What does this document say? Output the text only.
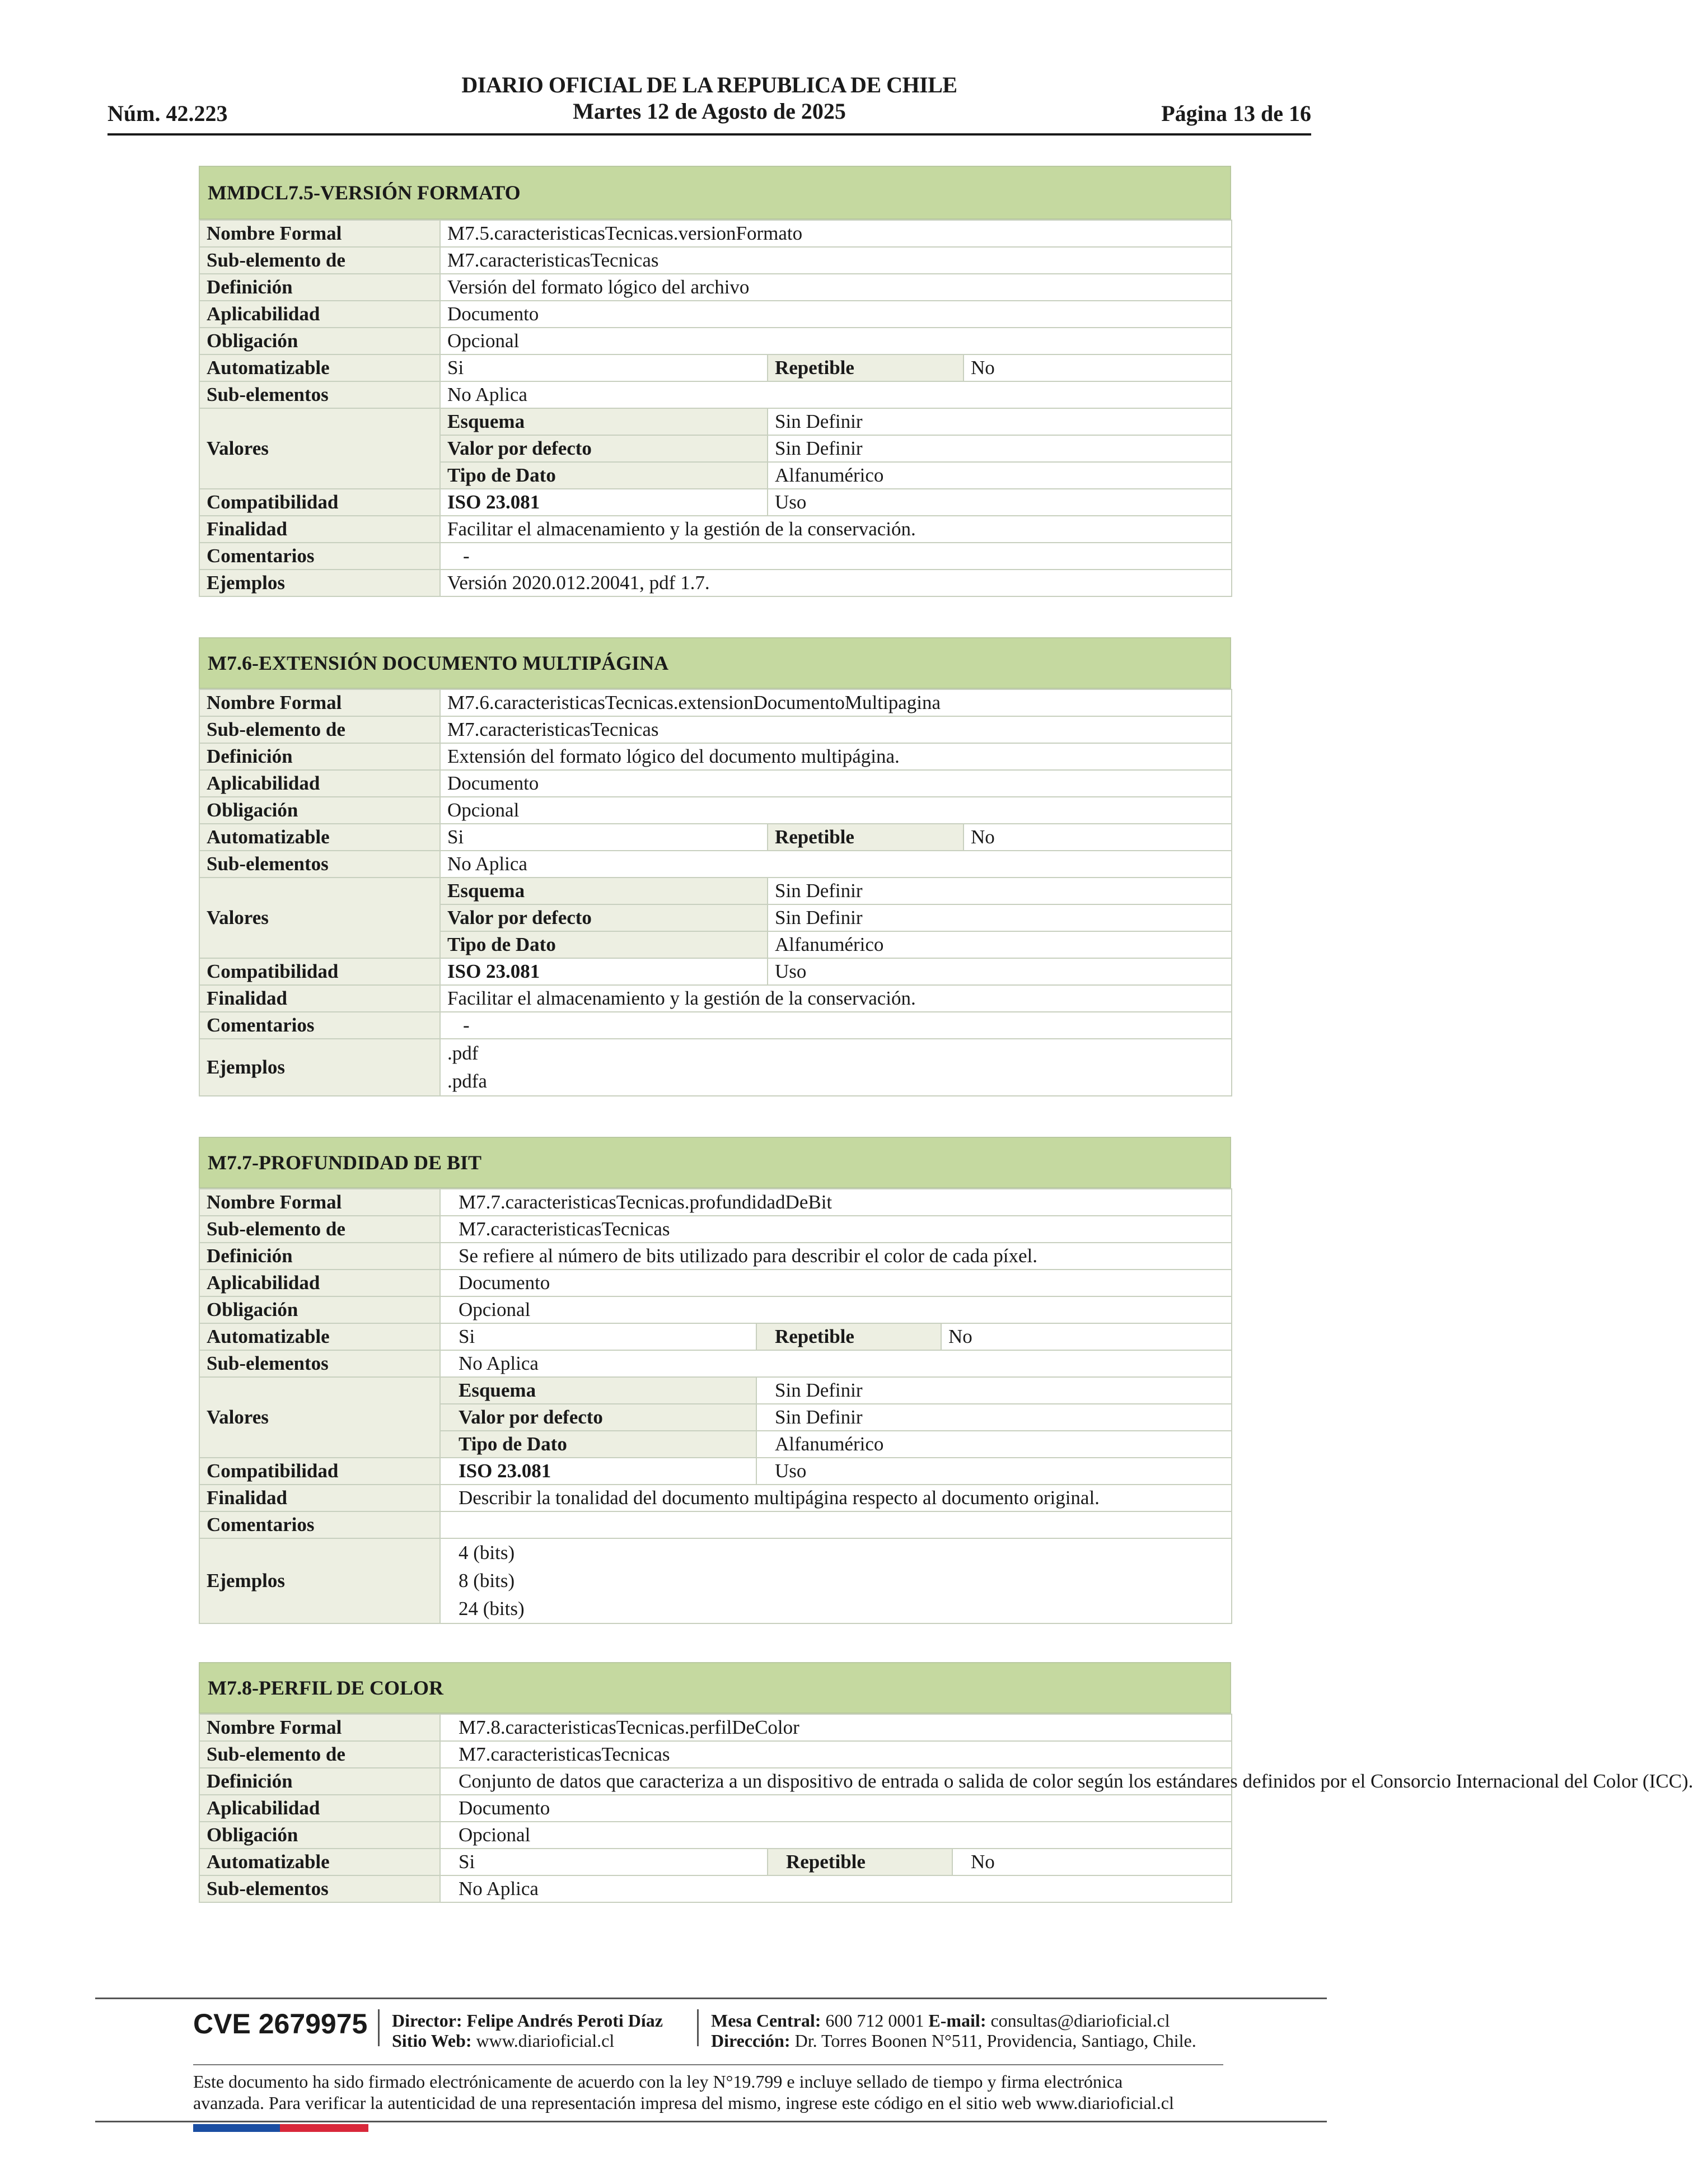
Núm. 42.223
DIARIO OFICIAL DE LA REPUBLICA DE CHILE
Martes 12 de Agosto de 2025	Página 13 de 16
MMDCL7.5-VERSIÓN FORMATO
Nombre Formal	M7.5.caracteristicasTecnicas.versionFormato		
Sub-elemento de	M7.caracteristicasTecnicas		
Definición	Versión del formato lógico del archivo		
Aplicabilidad	Documento		
Obligación	Opcional		
Automatizable	Si	Repetible	No
Sub-elementos	No Aplica		
Valores	Esquema	Sin Definir	
	Valor por defecto	Sin Definir	
	Tipo de Dato	Alfanumérico	
Compatibilidad	ISO 23.081	Uso	
Finalidad	Facilitar el almacenamiento y la gestión de la conservación.		
Comentarios	-		
Ejemplos	Versión 2020.012.20041, pdf 1.7.		
M7.6-EXTENSIÓN DOCUMENTO MULTIPÁGINA
Nombre Formal	M7.6.caracteristicasTecnicas.extensionDocumentoMultipagina		
Sub-elemento de	M7.caracteristicasTecnicas		
Definición	Extensión del formato lógico del documento multipágina.		
Aplicabilidad	Documento		
Obligación	Opcional		
Automatizable	Si	Repetible	No
Sub-elementos	No Aplica		
Valores	Esquema	Sin Definir	
	Valor por defecto	Sin Definir	
	Tipo de Dato	Alfanumérico	
Compatibilidad	ISO 23.081	Uso	
Finalidad	Facilitar el almacenamiento y la gestión de la conservación.		
Comentarios	-		
Ejemplos	.pdf
.pdfa		
M7.7-PROFUNDIDAD DE BIT
Nombre Formal	M7.7.caracteristicasTecnicas.profundidadDeBit		
Sub-elemento de	M7.caracteristicasTecnicas		
Definición	Se refiere al número de bits utilizado para describir el color de cada píxel.		
Aplicabilidad	Documento		
Obligación	Opcional		
Automatizable	Si	Repetible	No
Sub-elementos	No Aplica		
Valores	Esquema	Sin Definir	
	Valor por defecto	Sin Definir	
	Tipo de Dato	Alfanumérico	
Compatibilidad	ISO 23.081	Uso	
Finalidad	Describir la tonalidad del documento multipágina respecto al documento original.		
Comentarios			
Ejemplos	4 (bits)
8 (bits)
24 (bits)		
M7.8-PERFIL DE COLOR
Nombre Formal	M7.8.caracteristicasTecnicas.perfilDeColor		
Sub-elemento de	M7.caracteristicasTecnicas		
Definición	Conjunto de datos que caracteriza a un dispositivo de entrada o salida de color según los estándares definidos por el Consorcio Internacional del Color (ICC).		
Aplicabilidad	Documento		
Obligación	Opcional		
Automatizable	Si	Repetible	No
Sub-elementos	No Aplica		
CVE 2679975 Director: Felipe Andrés Peroti Díaz
Sitio Web: www.diarioficial.cl
Mesa Central: 600 712 0001 E-mail: consultas@diarioficial.cl
Dirección: Dr. Torres Boonen N°511, Providencia, Santiago, Chile.
Este documento ha sido firmado electrónicamente de acuerdo con la ley N°19.799 e incluye sellado de tiempo y firma electrónica
avanzada. Para verificar la autenticidad de una representación impresa del mismo, ingrese este código en el sitio web www.diarioficial.cl
